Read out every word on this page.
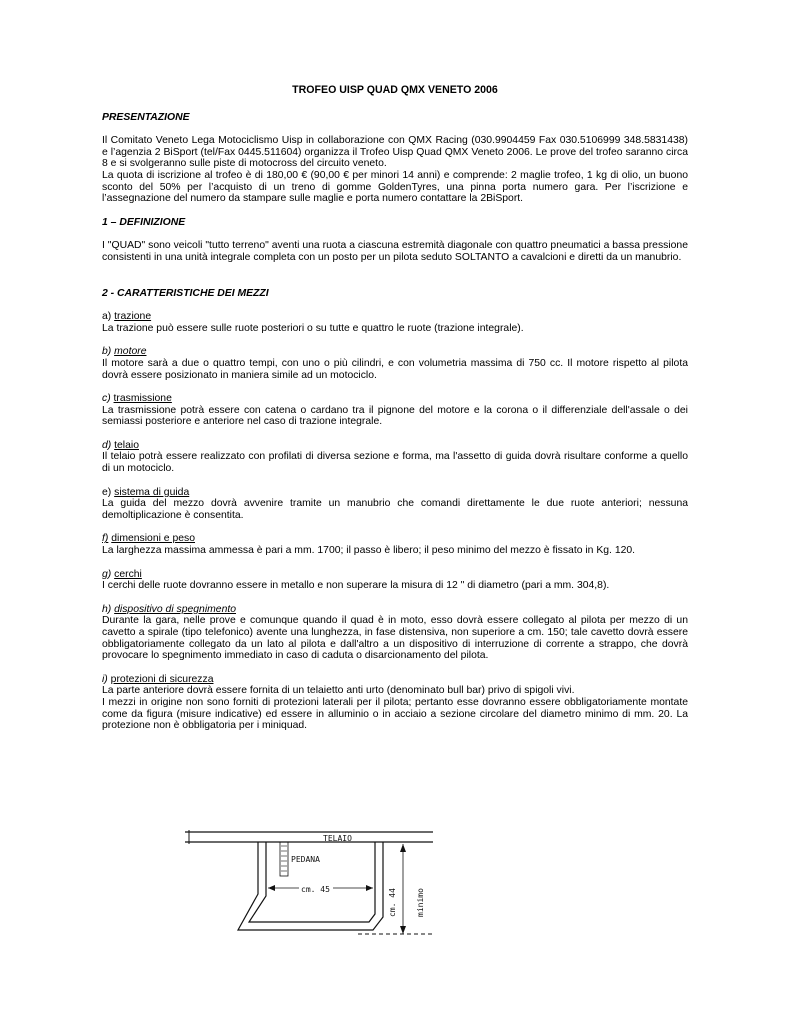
TROFEO UISP QUAD QMX VENETO 2006
PRESENTAZIONE

Il Comitato Veneto Lega Motociclismo Uisp in collaborazione con QMX Racing (030.9904459 Fax 030.5106999 348.5831438) e l’agenzia 2 BiSport (tel/Fax 0445.511604) organizza il Trofeo Uisp Quad QMX Veneto 2006. Le prove del trofeo saranno circa 8 e si svolgeranno sulle piste di motocross del circuito veneto.

La quota di iscrizione al trofeo è di 180,00 € (90,00 € per minori 14 anni) e comprende: 2 maglie trofeo, 1 kg di olio, un buono sconto del 50% per l’acquisto di un treno di gomme GoldenTyres, una pinna porta numero gara. Per l’iscrizione e l’assegnazione del numero da stampare sulle maglie e porta numero contattare la 2BiSport.

1 – DEFINIZIONE

I "QUAD" sono veicoli "tutto terreno" aventi una ruota a ciascuna estremità diagonale con quattro pneumatici a bassa pressione consistenti in una unità integrale completa con un posto per un pilota seduto SOLTANTO a cavalcioni e diretti da un manubrio.

2 - CARATTERISTICHE DEI MEZZI
a) trazione

La trazione può essere sulle ruote posteriori o su tutte e quattro le ruote (trazione integrale).

b) motore

Il motore sarà a due o quattro tempi, con uno o più cilindri, e con volumetria massima di 750 cc. Il motore rispetto al pilota dovrà essere posizionato in maniera simile ad un motociclo.

c) trasmissione

La trasmissione potrà essere con catena o cardano tra il pignone del motore e la corona o il differenziale dell'assale o dei semiassi posteriore e anteriore nel caso di trazione integrale.

d) telaio

Il telaio potrà essere realizzato con profilati di diversa sezione e forma, ma l'assetto di guida dovrà risultare conforme a quello di un motociclo.

e) sistema di guida

La guida del mezzo dovrà avvenire tramite un manubrio che comandi direttamente le due ruote anteriori; nessuna demoltiplicazione è consentita.

f) dimensioni e peso

La larghezza massima ammessa è pari a mm. 1700; il passo è libero; il peso minimo del mezzo è fissato in Kg. 120.

g) cerchi

I cerchi delle ruote dovranno essere in metallo e non superare la misura di 12 " di diametro (pari a mm. 304,8).

h) dispositivo di spegnimento

Durante la gara, nelle prove e comunque quando il quad è in moto, esso dovrà essere collegato al pilota per mezzo di un cavetto a spirale (tipo telefonico) avente una lunghezza, in fase distensiva, non superiore a cm. 150; tale cavetto dovrà essere obbligatoriamente collegato da un lato al pilota e dall'altro a un dispositivo di interruzione di corrente a strappo, che dovrà provocare lo spegnimento immediato in caso di caduta o disarcionamento del pilota.

i) protezioni di sicurezza

La parte anteriore dovrà essere fornita di un telaietto anti urto (denominato bull bar) privo di spigoli vivi.

I mezzi in origine non sono forniti di protezioni laterali per il pilota; pertanto esse dovranno essere obbligatoriamente montate come da figura (misure indicative) ed essere in alluminio o in acciaio a sezione circolare del diametro minimo di mm. 20. La protezione non è obbligatoria per i miniquad.

TELAIO
PEDANA
cm. 45	cm. 44 minimo
